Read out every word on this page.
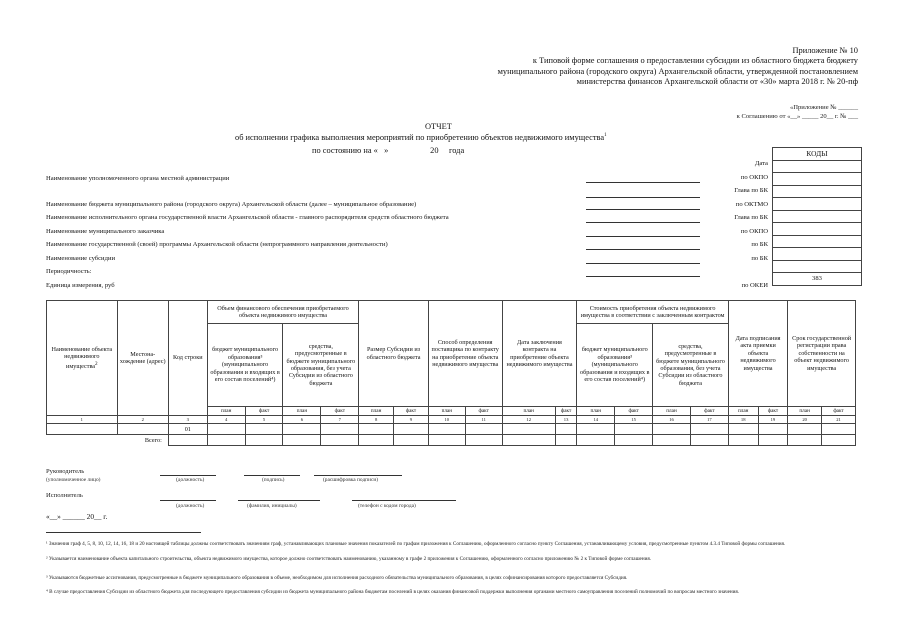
Приложение № 10
к Типовой форме соглашения о предоставлении субсидии из областного бюджета бюджету
муниципального района (городского округа) Архангельской области, утвержденной постановлением
министерства финансов Архангельской области от «30» марта 2018 г. № 20-пф
«Приложение № ______
к Соглашению от «__» _____ 20__ г. № ___
ОТЧЕТ
об исполнении графика выполнения мероприятий по приобретению объектов недвижимого имущества$^1$
по состоянию на «   »                    20     года	КОДЫ

383
Дата
Наименование уполномоченного органа местной администрации	по ОКПО
Глава по БК
Наименование бюджета муниципального района (городского округа) Архангельской области (далее – муниципальное образование)	по ОКТМО
Наименование исполнительного органа государственной власти Архангельской области - главного распорядителя средств областного бюджета	Глава по БК
Наименование муниципального заказчика	по ОКПО
Наименование государственной (своей) программы Архангельской области (непрограммного направления деятельности)	по БК
Наименование субсидии	по БК
Периодичность:
Единица измерения, руб	по ОКЕИ
Наименование объекта недвижимого имущества$^2$	Местона-хождение (адрес)	Код строки	Объем финансового обеспечения приобретаемого объекта недвижимого имущества				Размер Субсидии из областного бюджета		Способ определения поставщика по контракту на приобретение объекта недвижимого имущества		Дата заключения контракта на приобретение объекта недвижимого имущества		Стоимость приобретения объекта недвижимого имущества в соответствии с заключенным контрактом				Дата подписания акта приемки объекта недвижимого имущества		Срок государственной регистрации права собственности на объект недвижимого имущества	
			бюджет муниципального образования³ (муниципального образования и входящих в его состав поселений⁴)		средства, предусмотренные в бюджете муниципального образования, без учета Субсидии из областного бюджета								бюджет муниципального образования³ (муниципального образования и входящих в его состав поселений⁴)		средства, предусмотренные в бюджете муниципального образования, без учета Субсидии из областного бюджета					
			план	факт	план	факт	план	факт	план	факт	план	факт	план	факт	план	факт	план	факт	план	факт
1	2	3	4	5	6	7	8	9	10	11	12	13	14	15	16	17	18	19	20	21
		01																		
Всего:																				
Руководитель
(уполномоченное лицо)	(должность)	(подпись)	(расшифровка подписи)
Исполнитель
(должность)	(фамилия, инициалы)	(телефон с кодом города)
«__» ______ 20__ г.
¹ Значения граф 4, 5, 8, 10, 12, 14, 16, 18 и 20 настоящей таблицы должны соответствовать значениям граф, устанавливающих плановые значения показателей по графам приложения к Соглашению, оформленного согласно пункту Соглашения, устанавливающему условия, предусмотренные пунктом 4.3.4 Типовой формы соглашения.
² Указывается наименование объекта капитального строительства, объекта недвижимого имущества, которое должно соответствовать наименованию, указанному в графе 2 приложения к Соглашению, оформленного согласно приложению № 2 к Типовой форме соглашения.
³ Указываются бюджетные ассигнования, предусмотренные в бюджете муниципального образования в объеме, необходимом для исполнения расходного обязательства муниципального образования, в целях софинансирования которого предоставляется Субсидия.
⁴ В случае предоставления Субсидии из областного бюджета для последующего предоставления субсидии из бюджета муниципального района бюджетам поселений в целях оказания финансовой поддержки выполнения органами местного самоуправления поселений полномочий по вопросам местного значения.
